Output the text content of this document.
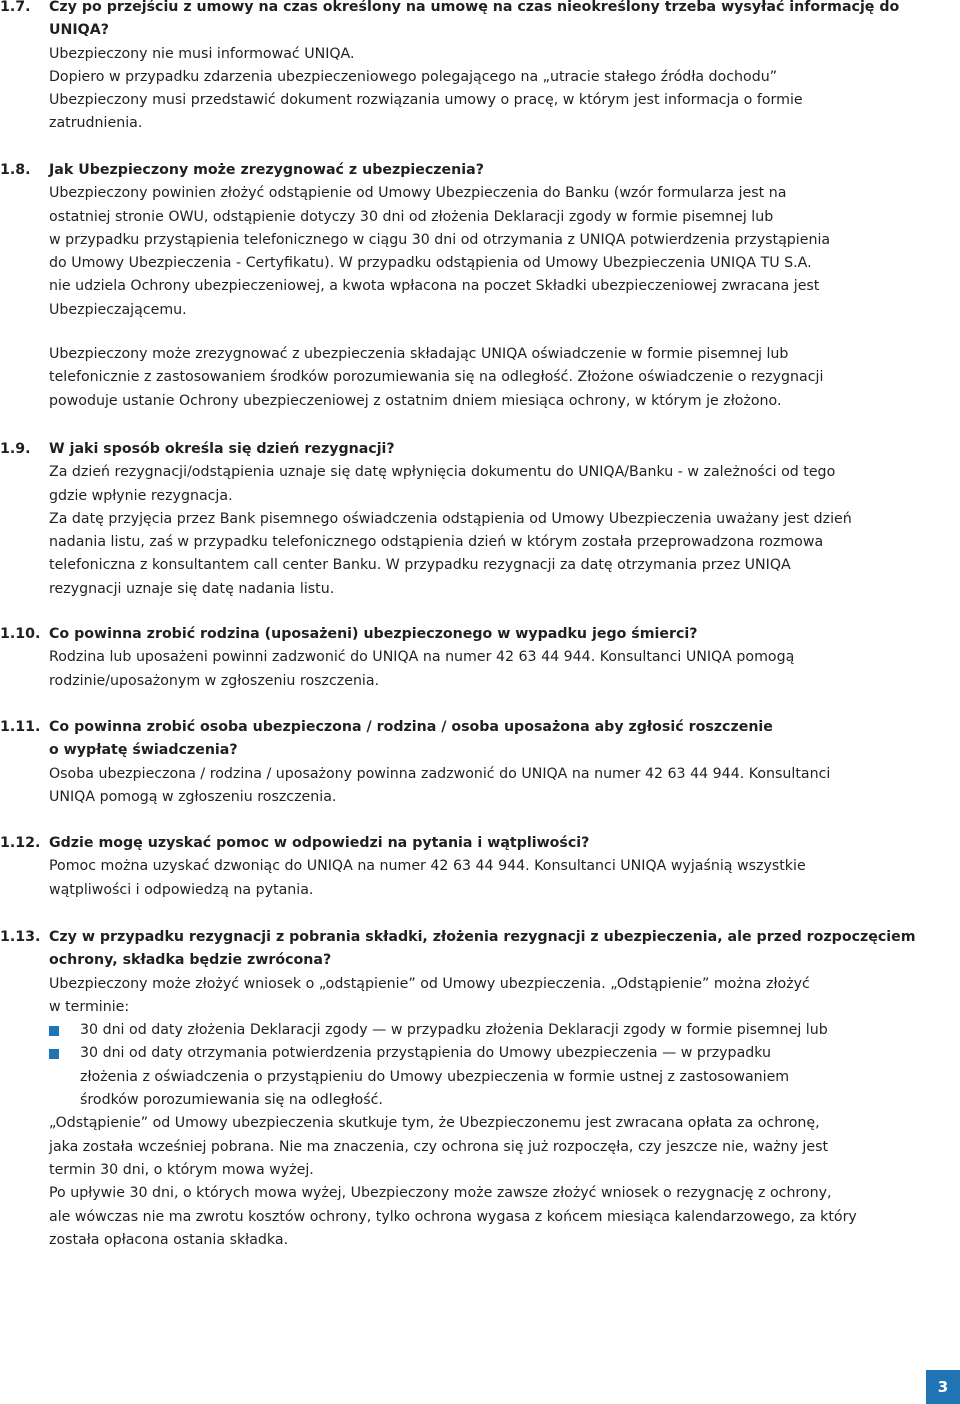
1.7. Czy po przejściu z umowy na czas określony na umowę na czas nieokreślony trzeba wysyłać informację do
UNIQA?
Ubezpieczony nie musi informować UNIQA.
Dopiero w przypadku zdarzenia ubezpieczeniowego polegającego na „utracie stałego źródła dochodu”
Ubezpieczony musi przedstawić dokument rozwiązania umowy o pracę, w którym jest informacja o formie
zatrudnienia.
1.8. Jak Ubezpieczony może zrezygnować z ubezpieczenia?
Ubezpieczony powinien złożyć odstąpienie od Umowy Ubezpieczenia do Banku (wzór formularza jest na
ostatniej stronie OWU, odstąpienie dotyczy 30 dni od złożenia Deklaracji zgody w formie pisemnej lub
w przypadku przystąpienia telefonicznego w ciągu 30 dni od otrzymania z UNIQA potwierdzenia przystąpienia
do Umowy Ubezpieczenia - Certyfikatu). W przypadku odstąpienia od Umowy Ubezpieczenia UNIQA TU S.A.
nie udziela Ochrony ubezpieczeniowej, a kwota wpłacona na poczet Składki ubezpieczeniowej zwracana jest
Ubezpieczającemu.
Ubezpieczony może zrezygnować z ubezpieczenia składając UNIQA oświadczenie w formie pisemnej lub
telefonicznie z zastosowaniem środków porozumiewania się na odległość. Złożone oświadczenie o rezygnacji
powoduje ustanie Ochrony ubezpieczeniowej z ostatnim dniem miesiąca ochrony, w którym je złożono.
1.9. W jaki sposób określa się dzień rezygnacji?
Za dzień rezygnacji/odstąpienia uznaje się datę wpłynięcia dokumentu do UNIQA/Banku - w zależności od tego
gdzie wpłynie rezygnacja.
Za datę przyjęcia przez Bank pisemnego oświadczenia odstąpienia od Umowy Ubezpieczenia uważany jest dzień
nadania listu, zaś w przypadku telefonicznego odstąpienia dzień w którym została przeprowadzona rozmowa
telefoniczna z konsultantem call center Banku. W przypadku rezygnacji za datę otrzymania przez UNIQA
rezygnacji uznaje się datę nadania listu.
1.10. Co powinna zrobić rodzina (uposażeni) ubezpieczonego w wypadku jego śmierci?
Rodzina lub uposażeni powinni zadzwonić do UNIQA na numer 42 63 44 944. Konsultanci UNIQA pomogą
rodzinie/uposażonym w zgłoszeniu roszczenia.
1.11. Co powinna zrobić osoba ubezpieczona / rodzina / osoba uposażona aby zgłosić roszczenie
o wypłatę świadczenia?
Osoba ubezpieczona / rodzina / uposażony powinna zadzwonić do UNIQA na numer 42 63 44 944. Konsultanci
UNIQA pomogą w zgłoszeniu roszczenia.
1.12. Gdzie mogę uzyskać pomoc w odpowiedzi na pytania i wątpliwości?
Pomoc można uzyskać dzwoniąc do UNIQA na numer 42 63 44 944. Konsultanci UNIQA wyjaśnią wszystkie
wątpliwości i odpowiedzą na pytania.
1.13. Czy w przypadku rezygnacji z pobrania składki, złożenia rezygnacji z ubezpieczenia, ale przed rozpoczęciem
ochrony, składka będzie zwrócona?
Ubezpieczony może złożyć wniosek o „odstąpienie” od Umowy ubezpieczenia. „Odstąpienie” można złożyć
w terminie:
30 dni od daty złożenia Deklaracji zgody — w przypadku złożenia Deklaracji zgody w formie pisemnej lub
30 dni od daty otrzymania potwierdzenia przystąpienia do Umowy ubezpieczenia — w przypadku
złożenia z oświadczenia o przystąpieniu do Umowy ubezpieczenia w formie ustnej z zastosowaniem
środków porozumiewania się na odległość.
„Odstąpienie” od Umowy ubezpieczenia skutkuje tym, że Ubezpieczonemu jest zwracana opłata za ochronę,
jaka została wcześniej pobrana. Nie ma znaczenia, czy ochrona się już rozpoczęła, czy jeszcze nie, ważny jest
termin 30 dni, o którym mowa wyżej.
Po upływie 30 dni, o których mowa wyżej, Ubezpieczony może zawsze złożyć wniosek o rezygnację z ochrony,
ale wówczas nie ma zwrotu kosztów ochrony, tylko ochrona wygasa z końcem miesiąca kalendarzowego, za który
została opłacona ostania składka.
3
